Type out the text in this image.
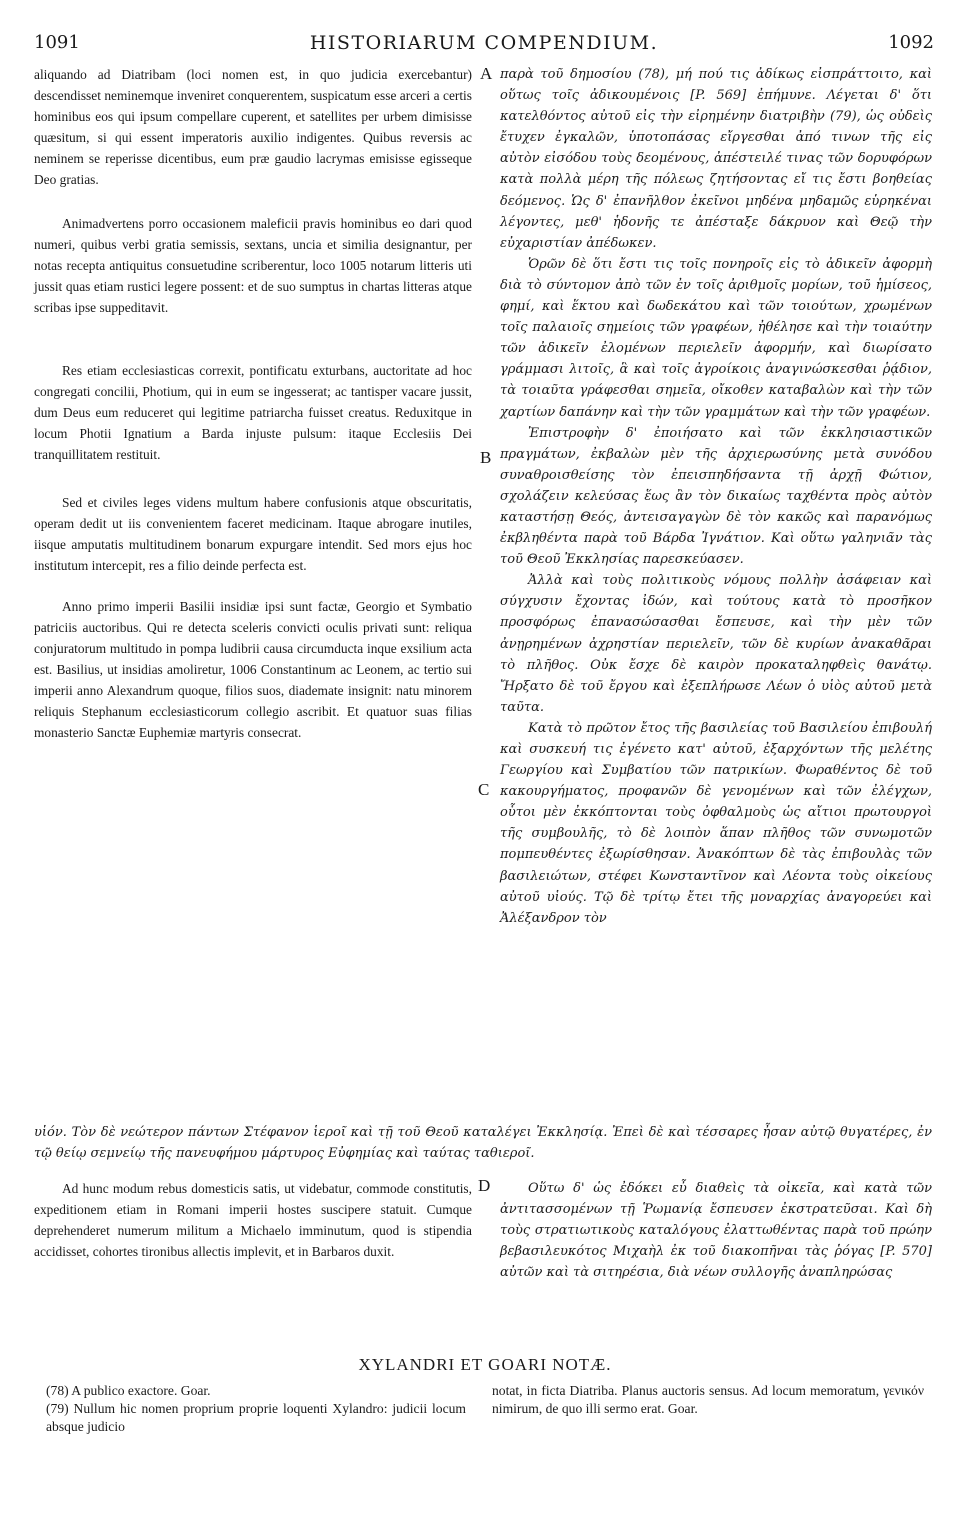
1091	HISTORIARUM COMPENDIUM.	1092
A
B
C
D

aliquando ad Diatribam (loci nomen est, in quo judicia exercebantur) descendisset neminemque inveniret conquerentem, suspicatum esse arceri a certis hominibus eos qui ipsum compellare cuperent, et satellites per urbem dimisisse quæsitum, si qui essent imperatoris auxilio indigentes. Quibus reversis ac neminem se reperisse dicentibus, eum præ gaudio lacrymas emisisse egisseque Deo gratias.

Animadvertens porro occasionem maleficii pravis hominibus eo dari quod numeri, quibus verbi gratia semissis, sextans, uncia et similia designantur, per notas recepta antiquitus consuetudine scriberentur, loco 1005 notarum litteris uti jussit quas etiam rustici legere possent: et de suo sumptus in chartas litteras atque scribas ipse suppeditavit.

Res etiam ecclesiasticas correxit, pontificatu exturbans, auctoritate ad hoc congregati concilii, Photium, qui in eum se ingesserat; ac tantisper vacare jussit, dum Deus eum reduceret qui legitime patriarcha fuisset creatus. Reduxitque in locum Photii Ignatium a Barda injuste pulsum: itaque Ecclesiis Dei tranquillitatem restituit.

Sed et civiles leges videns multum habere confusionis atque obscuritatis, operam dedit ut iis convenientem faceret medicinam. Itaque abrogare inutiles, iisque amputatis multitudinem bonarum expurgare intendit. Sed mors ejus hoc institutum intercepit, res a filio deinde perfecta est.

Anno primo imperii Basilii insidiæ ipsi sunt factæ, Georgio et Symbatio patriciis auctoribus. Qui re detecta sceleris convicti oculis privati sunt: reliqua conjuratorum multitudo in pompa ludibrii causa circumducta inque exsilium acta est. Basilius, ut insidias amoliretur, 1006 Constantinum ac Leonem, ac tertio sui imperii anno Alexandrum quoque, filios suos, diademate insignit: natu minorem reliquis Stephanum ecclesiasticorum collegio ascribit. Et quatuor suas filias monasterio Sanctæ Euphemiæ martyris consecrat.

παρὰ τοῦ δημοσίου (78), μή πού τις ἀδίκως εἰσπράττοιτο, καὶ οὕτως τοῖς ἀδικουμένοις [P. 569] ἐπήμυνε. Λέγεται δ' ὅτι κατελθόντος αὐτοῦ εἰς τὴν εἰρημένην διατριβὴν (79), ὡς οὐδεὶς ἔτυχεν ἐγκαλῶν, ὑποτοπάσας εἴργεσθαι ἀπό τινων τῆς εἰς αὐτὸν εἰσόδου τοὺς δεομένους, ἀπέστειλέ τινας τῶν δορυφόρων κατὰ πολλὰ μέρη τῆς πόλεως ζητήσοντας εἴ τις ἔστι βοηθείας δεόμενος. Ὡς δ' ἐπανῆλθον ἐκεῖνοι μηδένα μηδαμῶς εὑρηκέναι λέγοντες, μεθ' ἡδονῆς τε ἀπέσταξε δάκρυον καὶ Θεῷ τὴν εὐχαριστίαν ἀπέδωκεν.

Ὁρῶν δὲ ὅτι ἔστι τις τοῖς πονηροῖς εἰς τὸ ἀδικεῖν ἀφορμὴ διὰ τὸ σύντομον ἀπὸ τῶν ἐν τοῖς ἀριθμοῖς μορίων, τοῦ ἡμίσεος, φημί, καὶ ἕκτου καὶ δωδεκάτου καὶ τῶν τοιούτων, χρωμένων τοῖς παλαιοῖς σημείοις τῶν γραφέων, ἠθέλησε καὶ τὴν τοιαύτην τῶν ἀδικεῖν ἐλομένων περιελεῖν ἀφορμήν, καὶ διωρίσατο γράμμασι λιτοῖς, ἃ καὶ τοῖς ἀγροίκοις ἀναγινώσκεσθαι ῥᾴδιον, τὰ τοιαῦτα γράφεσθαι σημεῖα, οἴκοθεν καταβαλὼν καὶ τὴν τῶν χαρτίων δαπάνην καὶ τὴν τῶν γραμμάτων καὶ τὴν τῶν γραφέων.

Ἐπιστροφὴν δ' ἐποιήσατο καὶ τῶν ἐκκλησιαστικῶν πραγμάτων, ἐκβαλὼν μὲν τῆς ἀρχιερωσύνης μετὰ συνόδου συναθροισθείσης τὸν ἐπεισπηδήσαντα τῇ ἀρχῇ Φώτιον, σχολάζειν κελεύσας ἕως ἂν τὸν δικαίως ταχθέντα πρὸς αὐτὸν καταστήσῃ Θεός, ἀντεισαγαγὼν δὲ τὸν κακῶς καὶ παρανόμως ἐκβληθέντα παρὰ τοῦ Βάρδα Ἰγνάτιον. Καὶ οὕτω γαληνιᾶν τὰς τοῦ Θεοῦ Ἐκκλησίας παρεσκεύασεν.

Ἀλλὰ καὶ τοὺς πολιτικοὺς νόμους πολλὴν ἀσάφειαν καὶ σύγχυσιν ἔχοντας ἰδών, καὶ τούτους κατὰ τὸ προσῆκον προσφόρως ἐπανασώσασθαι ἔσπευσε, καὶ τὴν μὲν τῶν ἀνῃρημένων ἀχρηστίαν περιελεῖν, τῶν δὲ κυρίων ἀνακαθᾶραι τὸ πλῆθος. Οὐκ ἔσχε δὲ καιρὸν προκαταληφθεὶς θανάτῳ. Ἤρξατο δὲ τοῦ ἔργου καὶ ἐξεπλήρωσε Λέων ὁ υἱὸς αὐτοῦ μετὰ ταῦτα.

Κατὰ τὸ πρῶτον ἔτος τῆς βασιλείας τοῦ Βασιλείου ἐπιβουλή καὶ συσκευή τις ἐγένετο κατ' αὐτοῦ, ἐξαρχόντων τῆς μελέτης Γεωργίου καὶ Συμβατίου τῶν πατρικίων. Φωραθέντος δὲ τοῦ κακουργήματος, προφανῶν δὲ γενομένων καὶ τῶν ἐλέγχων, οὗτοι μὲν ἐκκόπτονται τοὺς ὀφθαλμοὺς ὡς αἴτιοι πρωτουργοὶ τῆς συμβουλῆς, τὸ δὲ λοιπὸν ἅπαν πλῆθος τῶν συνωμοτῶν πομπευθέντες ἐξωρίσθησαν. Ἀνακόπτων δὲ τὰς ἐπιβουλὰς τῶν βασιλειώτων, στέφει Κωνσταντῖνον καὶ Λέοντα τοὺς οἰκείους αὐτοῦ υἱούς. Τῷ δὲ τρίτῳ ἔτει τῆς μοναρχίας ἀναγορεύει καὶ Ἀλέξανδρον τὸν

υἱόν. Τὸν δὲ νεώτερον πάντων Στέφανον ἱεροῖ καὶ τῇ τοῦ Θεοῦ καταλέγει Ἐκκλησίᾳ. Ἐπεὶ δὲ καὶ τέσσαρες ἦσαν αὐτῷ θυγατέρες, ἐν τῷ θείῳ σεμνείῳ τῆς πανευφήμου μάρτυρος Εὐφημίας καὶ ταύτας ταθιεροῖ.

Ad hunc modum rebus domesticis satis, ut videbatur, commode constitutis, expeditionem etiam in Romani imperii hostes suscipere statuit. Cumque deprehenderet numerum militum a Michaelo imminutum, quod is stipendia accidisset, cohortes tironibus allectis implevit, et in Barbaros duxit.

Οὕτω δ' ὡς ἐδόκει εὖ διαθεὶς τὰ οἰκεῖα, καὶ κατὰ τῶν ἀντιτασσομένων τῇ Ῥωμανίᾳ ἔσπευσεν ἐκστρατεῦσαι. Καὶ δὴ τοὺς στρατιωτικοὺς καταλόγους ἐλαττωθέντας παρὰ τοῦ πρώην βεβασιλευκότος Μιχαὴλ ἐκ τοῦ διακοπῆναι τὰς ῥόγας [P. 570] αὐτῶν καὶ τὰ σιτηρέσια, διὰ νέων συλλογῆς ἀναπληρώσας

XYLANDRI ET GOARI NOTÆ.

(78) A publico exactore. Goar.

(79) Nullum hic nomen proprium proprie loquenti Xylandro: judicii locum absque judicio

notat, in ficta Diatriba. Planus auctoris sensus. Ad locum memoratum, γενικόν nimirum, de quo illi sermo erat. Goar.
